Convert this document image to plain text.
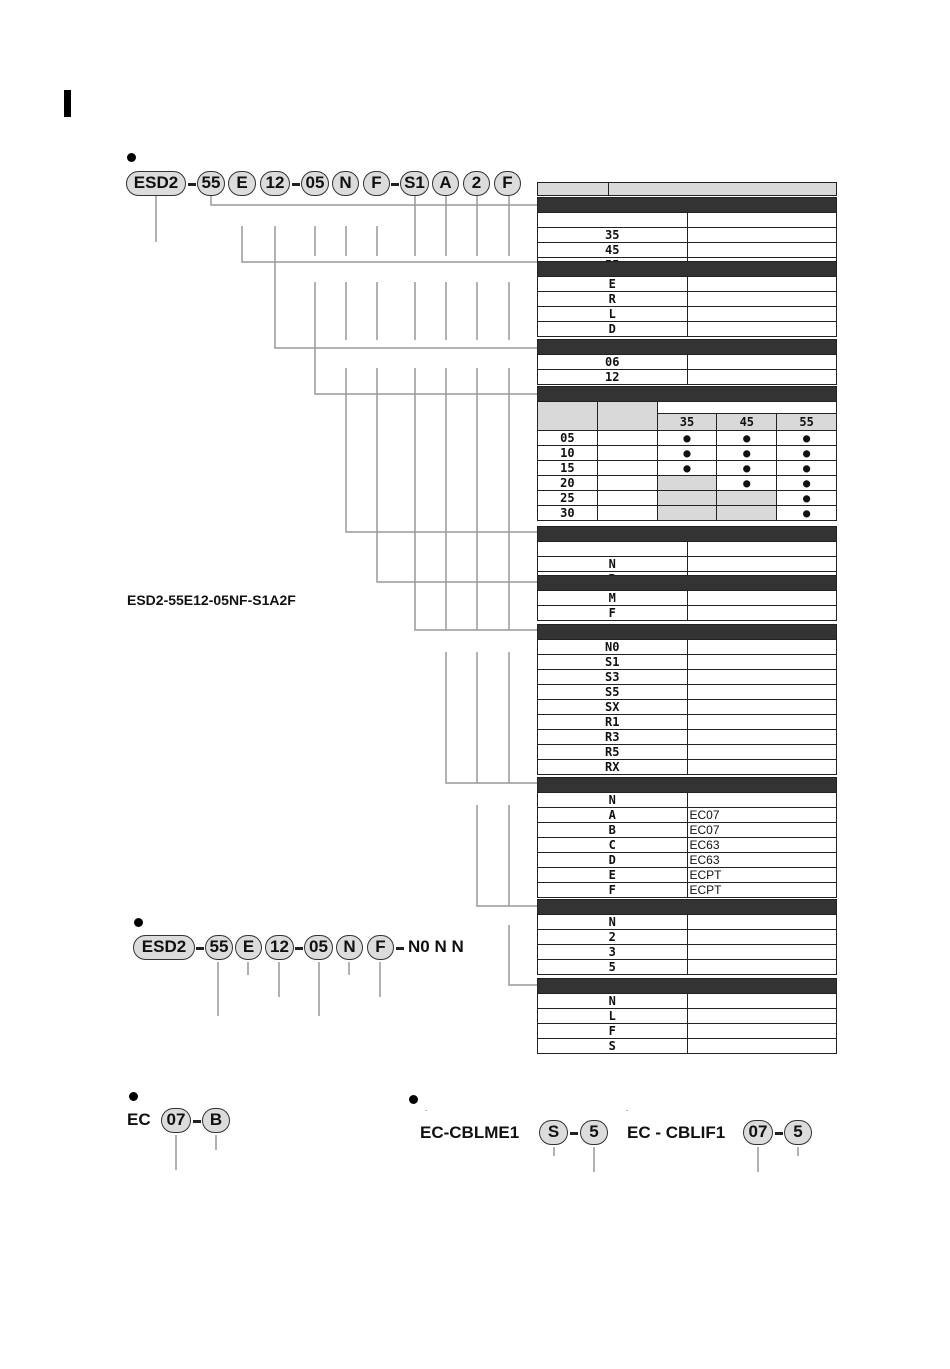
ESD2	55 E	12	05 N	F	S1 A	2	F

35	
45	

E	
R	
L	
D	

06	
12	

		35	45	55
05		●	●	●
10		●	●	●
15		●	●	●
20			●	●
25				●
30				●

N	

M	
F	

N0	
S1	
S3	
S5	
SX	
R1	
R3	
R5	
RX	

N	
A	EC07
B	EC07
C	EC63
D	EC63
E	ECPT
F	ECPT

N	
2	
3	
5	

N	
L	
F	
S	
ESD2-55E12-05NF-S1A2F
ESD2	55 E 12 05 N	F	N0 N N
EC 07	B
.	.
EC-CBLME1	S	5	EC - CBLIF1	07	5
